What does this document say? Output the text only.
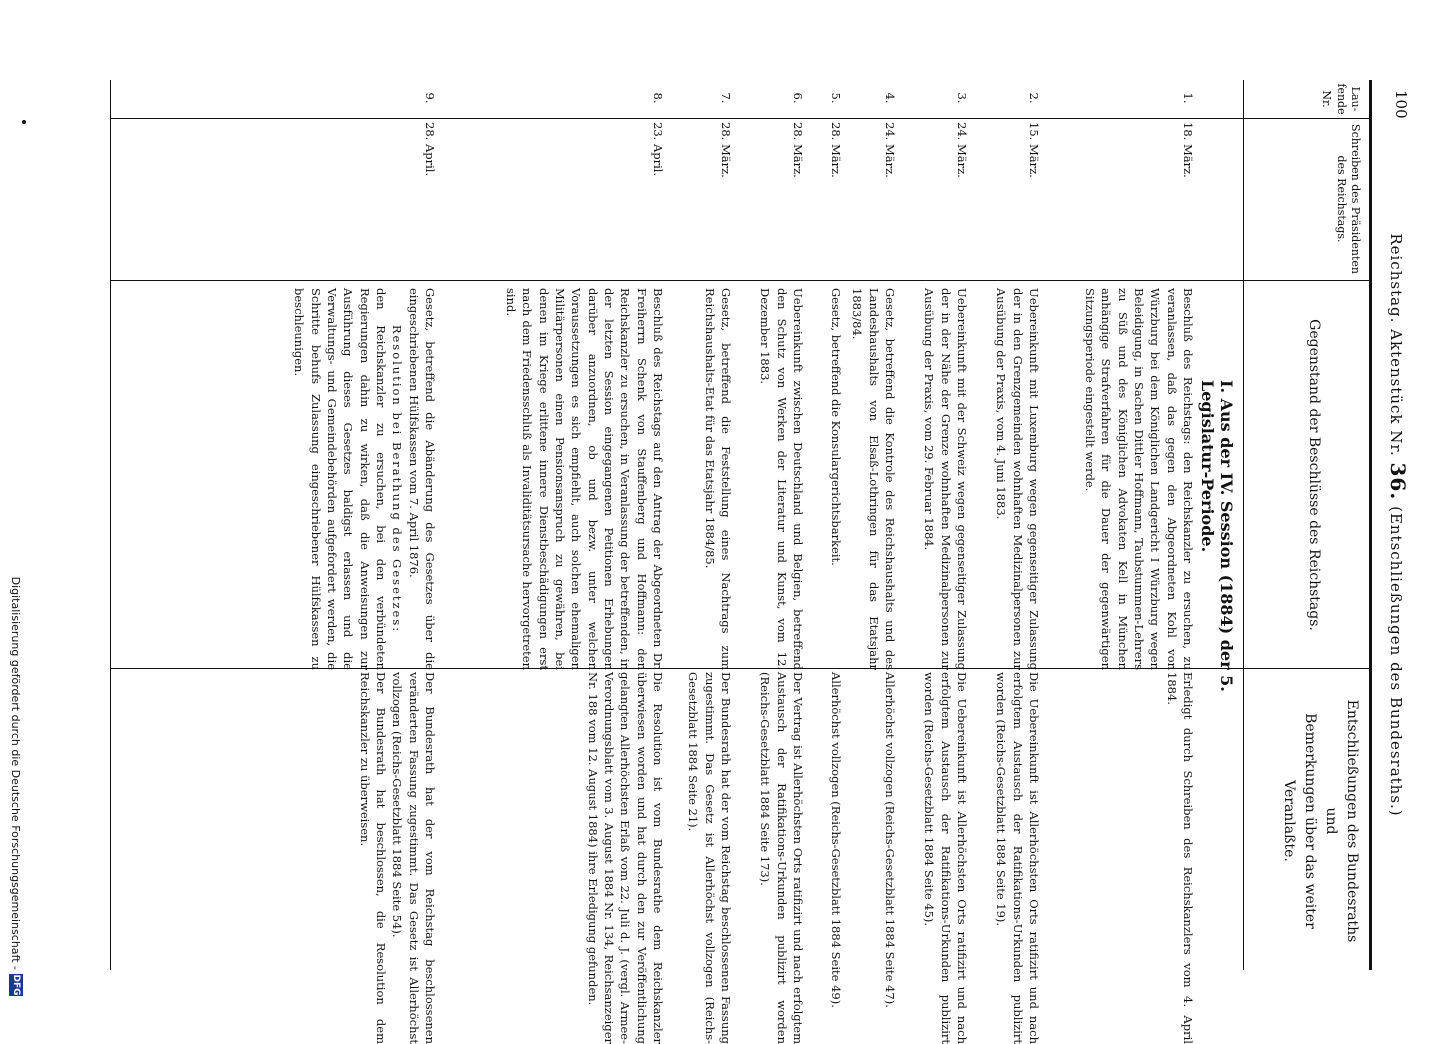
100
Reichstag. Aktenstück Nr. 36. (Entschließungen des Bundesraths.)
Laufende Nr.
Schreiben des Präsidenten des Reichstags.
Gegenstand der Beschlüsse des Reichstags.
Entschließungen des Bundesraths
und
Bemerkungen über das weiter Veranlaßte.
I. Aus der IV. Session (1884) der 5. Legislatur-Periode.
1.
18. März.
Beschluß des Reichstags: den Reichskanzler zu ersuchen, zu veranlassen, daß das gegen den Abgeordneten Kohl von Würzburg bei dem Königlichen Landgericht I Würzburg wegen Beleidigung, in Sachen Dittler Hoffmann, Taubstummen-Lehrers zu Süß und des Königlichen Advokaten Kell in München anhängige Strafverfahren für die Dauer der gegenwärtigen Sitzungsperiode eingestellt werde.
Erledigt durch Schreiben des Reichskanzlers vom 4. April 1884.
2.
15. März.
Uebereinkunft mit Luxemburg wegen gegenseitiger Zulassung der in den Grenzgemeinden wohnhaften Medizinalpersonen zur Ausübung der Praxis, vom 4. Juni 1883.
Die Uebereinkunft ist Allerhöchsten Orts ratifizirt und nach erfolgtem Austausch der Ratifikations-Urkunden publizirt worden (Reichs-Gesetzblatt 1884 Seite 19).
3.
24. März.
Uebereinkunft mit der Schweiz wegen gegenseitiger Zulassung der in der Nähe der Grenze wohnhaften Medizinalpersonen zur Ausübung der Praxis, vom 29. Februar 1884.
Die Uebereinkunft ist Allerhöchsten Orts ratifizirt und nach erfolgtem Austausch der Ratifikations-Urkunden publizirt worden (Reichs-Gesetzblatt 1884 Seite 45).
4.
24. März.
Gesetz, betreffend die Kontrole des Reichshaushalts und des Landeshaushalts von Elsaß-Lothringen für das Etatsjahr 1883/84.
Allerhöchst vollzogen (Reichs-Gesetzblatt 1884 Seite 47).
5.
28. März.
Gesetz, betreffend die Konsulargerichtsbarkeit.
Allerhöchst vollzogen (Reichs-Gesetzblatt 1884 Seite 49).
6.
28. März.
Uebereinkunft zwischen Deutschland und Belgien, betreffend den Schutz von Werken der Literatur und Kunst, vom 12. Dezember 1883.
Der Vertrag ist Allerhöchsten Orts ratifizirt und nach erfolgtem Austausch der Ratifikations-Urkunden publizirt worden (Reichs-Gesetzblatt 1884 Seite 173).
7.
28. März.
Gesetz, betreffend die Feststellung eines Nachtrags zum Reichshaushalts-Etat für das Etatsjahr 1884/85.
Der Bundesrath hat der vom Reichstag beschlossenen Fassung zugestimmt. Das Gesetz ist Allerhöchst vollzogen (Reichs-Gesetzblatt 1884 Seite 21).
8.
23. April.
Beschluß des Reichstags auf den Antrag der Abgeordneten Dr. Freiherrn Schenk von Stauffenberg und Hoffmann: den Reichskanzler zu ersuchen, in Veranlassung der betreffenden, in der letzten Session eingegangenen Petitionen Erhebungen darüber anzuordnen, ob und bezw. unter welchen Voraussetzungen es sich empfiehlt, auch solchen ehemaligen Militärpersonen einen Pensionsanspruch zu gewähren, bei denen im Kriege erlittene innere Dienstbeschädigungen erst nach dem Friedensschluß als Invaliditätsursache hervorgetreten sind.
Die Resolution ist vom Bundesrathe dem Reichskanzler überwiesen worden und hat durch den zur Veröffentlichung gelangten Allerhöchsten Erlaß vom 22. Juli d. J. (vergl. Armee-Verordnungsblatt vom 3. August 1884 Nr. 134, Reichsanzeiger Nr. 188 vom 12. August 1884) ihre Erledigung gefunden.
9.
28. April.
Gesetz, betreffend die Abänderung des Gesetzes über die eingeschriebenen Hülfskassen vom 7. April 1876.
Resolution bei Berathung des Gesetzes:
den Reichskanzler zu ersuchen, bei den verbündeten Regierungen dahin zu wirken, daß die Anweisungen zur Ausführung dieses Gesetzes baldigst erlassen und die Verwaltungs- und Gemeindebehörden aufgefordert werden, die Schritte behufs Zulassung eingeschriebener Hülfskassen zu beschleunigen.
Der Bundesrath hat der vom Reichstag beschlossenen veränderten Fassung zugestimmt. Das Gesetz ist Allerhöchst vollzogen (Reichs-Gesetzblatt 1884 Seite 54).
Der Bundesrath hat beschlossen, die Resolution dem Reichskanzler zu überweisen.
Digitalisierung gefördert durch die Deutsche Forschungsgemeinschaft -
DFG
